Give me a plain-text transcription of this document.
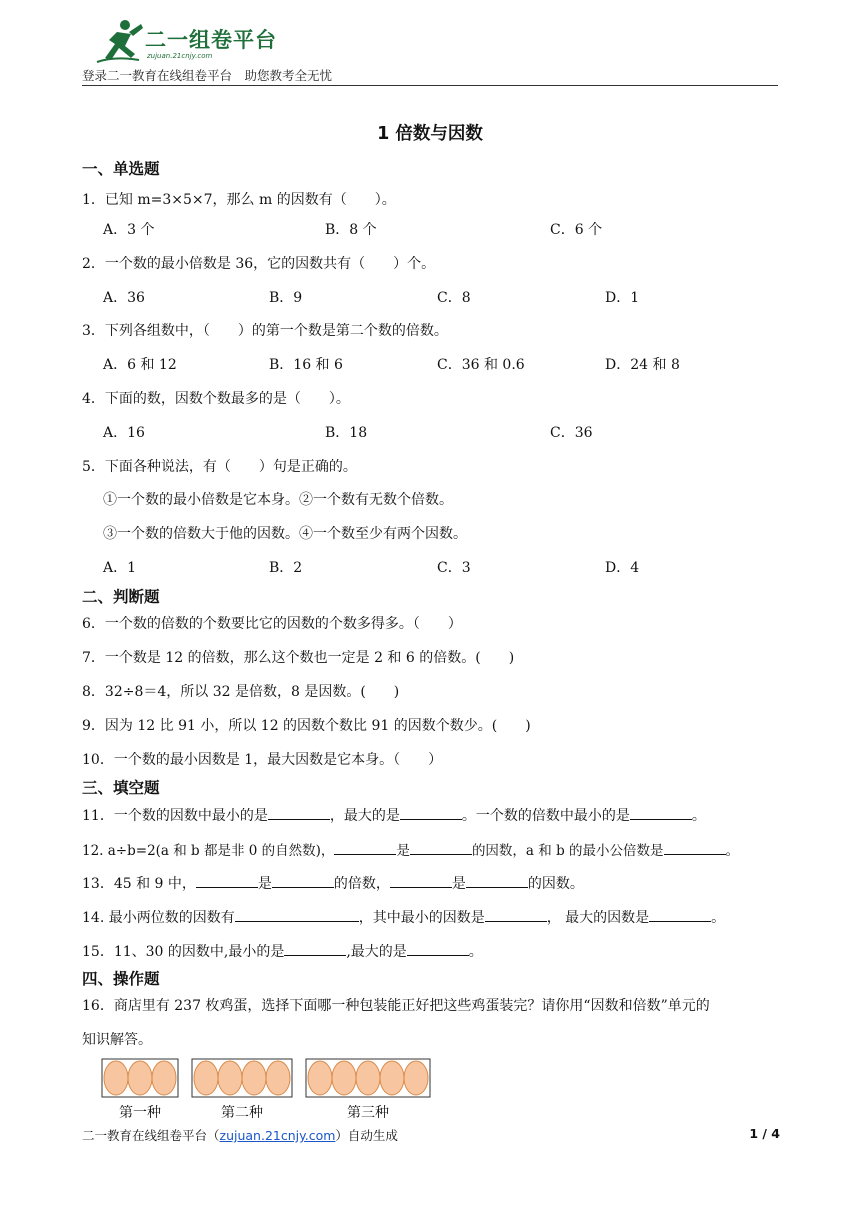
二一组卷平台
zujuan.21cnjy.com
登录二一教育在线组卷平台　助您教考全无忧
1 倍数与因数
一、单选题
1．已知 m=3×5×7，那么 m 的因数有（　　）。
A．3 个	B．8 个	C．6 个
2．一个数的最小倍数是 36，它的因数共有（　　）个。
A．36	B．9	C．8	D．1
3．下列各组数中，（　　）的第一个数是第二个数的倍数。
A．6 和 12	B．16 和 6	C．36 和 0.6	D．24 和 8
4．下面的数，因数个数最多的是（　　）。
A．16	B．18	C．36
5．下面各种说法，有（　　）句是正确的。
①一个数的最小倍数是它本身。②一个数有无数个倍数。
③一个数的倍数大于他的因数。④一个数至少有两个因数。
A．1	B．2	C．3	D．4
二、判断题
6．一个数的倍数的个数要比它的因数的个数多得多。（　　）
7．一个数是 12 的倍数，那么这个数也一定是 2 和 6 的倍数。(　　)
8．32÷8＝4，所以 32 是倍数，8 是因数。(　　)
9．因为 12 比 91 小，所以 12 的因数个数比 91 的因数个数少。(　　)
10．一个数的最小因数是 1，最大因数是它本身。（　　）
三、填空题
11．一个数的因数中最小的是	，最大的是	。一个数的倍数中最小的是	。
12. a÷b=2(a 和 b 都是非 0 的自然数)，	是	的因数，a 和 b 的最小公倍数是	。
13．45 和 9 中，	是	的倍数，	是	的因数。
14. 最小两位数的因数有	，其中最小的因数是	， 最大的因数是	。
15．11、30 的因数中,最小的是	,最大的是	。
四、操作题
16．商店里有 237 枚鸡蛋，选择下面哪一种包装能正好把这些鸡蛋装完？请你用“因数和倍数”单元的
知识解答。
第一种	第二种	第三种
二一教育在线组卷平台（zujuan.21cnjy.com）自动生成	1 / 4
